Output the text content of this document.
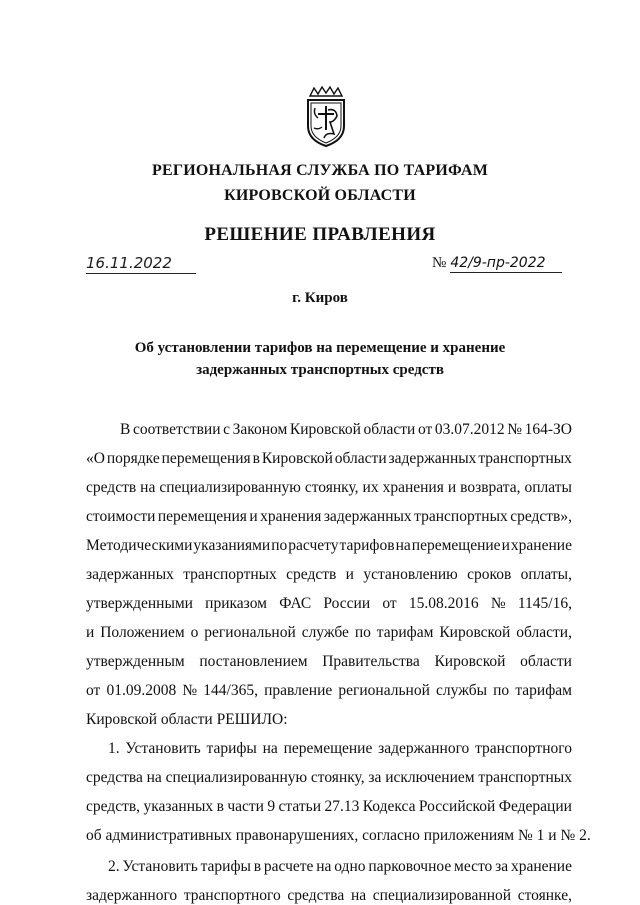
РЕГИОНАЛЬНАЯ СЛУЖБА ПО ТАРИФАМ
КИРОВСКОЙ ОБЛАСТИ
РЕШЕНИЕ ПРАВЛЕНИЯ
16.11.2022	№ 42/9-пр-2022
г. Киров
Об установлении тарифов на перемещение и хранение
задержанных транспортных средств
В соответствии с Законом Кировской области от 03.07.2012 № 164-ЗО
«О порядке перемещения в Кировской области задержанных транспортных
средств на специализированную стоянку, их хранения и возврата, оплаты
стоимости перемещения и хранения задержанных транспортных средств»,
Методическими указаниями по расчету тарифов на перемещение и хранение
задержанных транспортных средств и установлению сроков оплаты,
утвержденными приказом ФАС России от 15.08.2016 № 1145/16,
и Положением о региональной службе по тарифам Кировской области,
утвержденным постановлением Правительства Кировской области
от 01.09.2008 № 144/365, правление региональной службы по тарифам
Кировской области РЕШИЛО:
1. Установить тарифы на перемещение задержанного транспортного
средства на специализированную стоянку, за исключением транспортных
средств, указанных в части 9 статьи 27.13 Кодекса Российской Федерации
об административных правонарушениях, согласно приложениям № 1 и № 2.
2. Установить тарифы в расчете на одно парковочное место за хранение
задержанного транспортного средства на специализированной стоянке,
